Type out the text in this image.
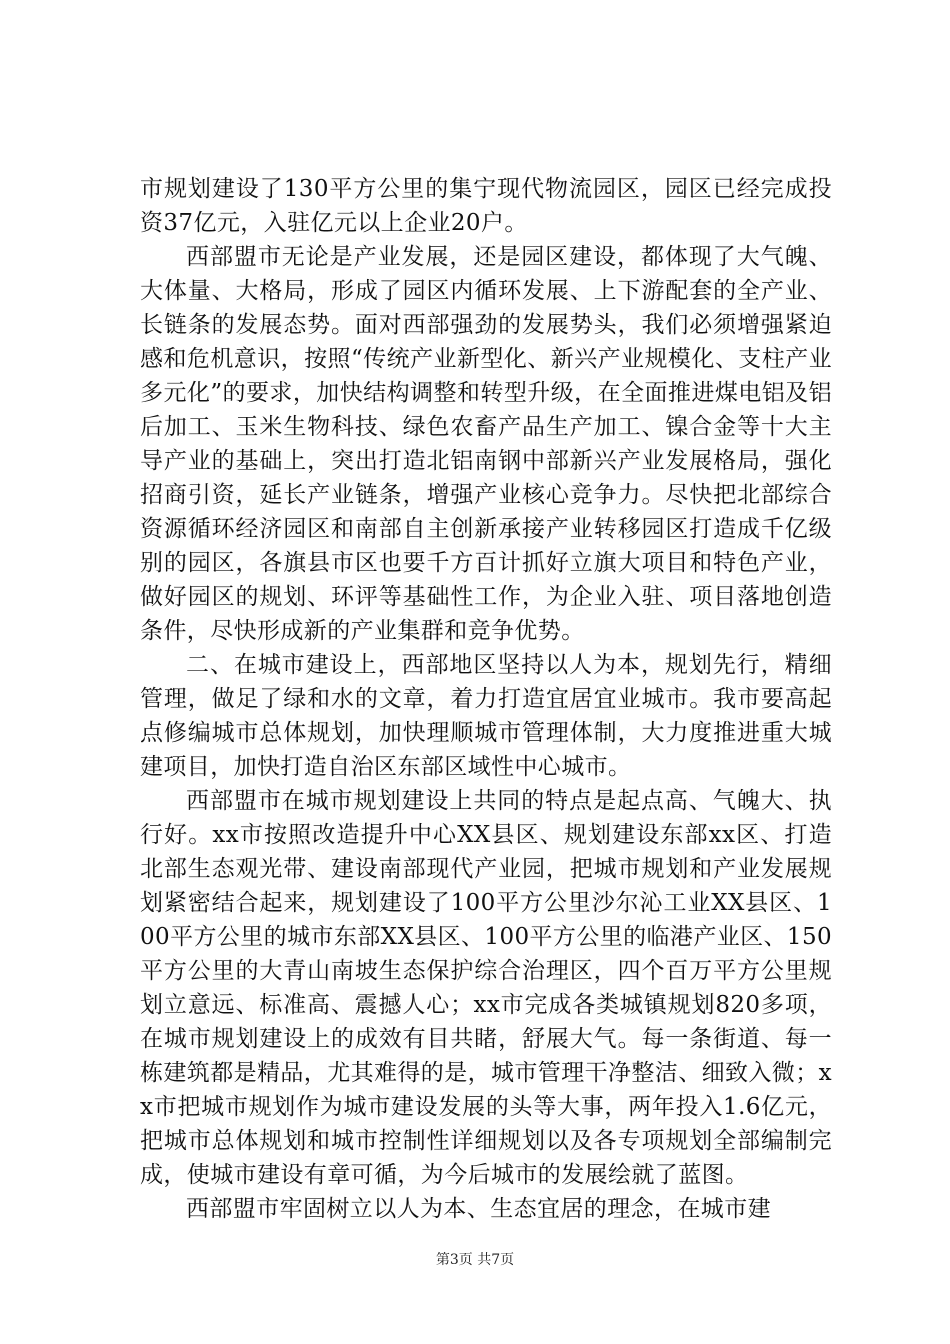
市规划建设了130平方公里的集宁现代物流园区，园区已经完成投资37亿元，入驻亿元以上企业20户。

西部盟市无论是产业发展，还是园区建设，都体现了大气魄、大体量、大格局，形成了园区内循环发展、上下游配套的全产业、长链条的发展态势。面对西部强劲的发展势头，我们必须增强紧迫感和危机意识，按照“传统产业新型化、新兴产业规模化、支柱产业多元化”的要求，加快结构调整和转型升级，在全面推进煤电铝及铝后加工、玉米生物科技、绿色农畜产品生产加工、镍合金等十大主导产业的基础上，突出打造北铝南钢中部新兴产业发展格局，强化招商引资，延长产业链条，增强产业核心竞争力。尽快把北部综合资源循环经济园区和南部自主创新承接产业转移园区打造成千亿级别的园区，各旗县市区也要千方百计抓好立旗大项目和特色产业，做好园区的规划、环评等基础性工作，为企业入驻、项目落地创造条件，尽快形成新的产业集群和竞争优势。

二、在城市建设上，西部地区坚持以人为本，规划先行，精细管理，做足了绿和水的文章，着力打造宜居宜业城市。我市要高起点修编城市总体规划，加快理顺城市管理体制，大力度推进重大城建项目，加快打造自治区东部区域性中心城市。

西部盟市在城市规划建设上共同的特点是起点高、气魄大、执行好。xx市按照改造提升中心XX县区、规划建设东部xx区、打造北部生态观光带、建设南部现代产业园，把城市规划和产业发展规划紧密结合起来，规划建设了100平方公里沙尔沁工业XX县区、100平方公里的城市东部XX县区、100平方公里的临港产业区、150平方公里的大青山南坡生态保护综合治理区，四个百万平方公里规划立意远、标准高、震撼人心；xx市完成各类城镇规划820多项，在城市规划建设上的成效有目共睹，舒展大气。每一条街道、每一栋建筑都是精品，尤其难得的是，城市管理干净整洁、细致入微；xx市把城市规划作为城市建设发展的头等大事，两年投入1.6亿元，把城市总体规划和城市控制性详细规划以及各专项规划全部编制完成，使城市建设有章可循，为今后城市的发展绘就了蓝图。

西部盟市牢固树立以人为本、生态宜居的理念，在城市建

第3页 共7页
